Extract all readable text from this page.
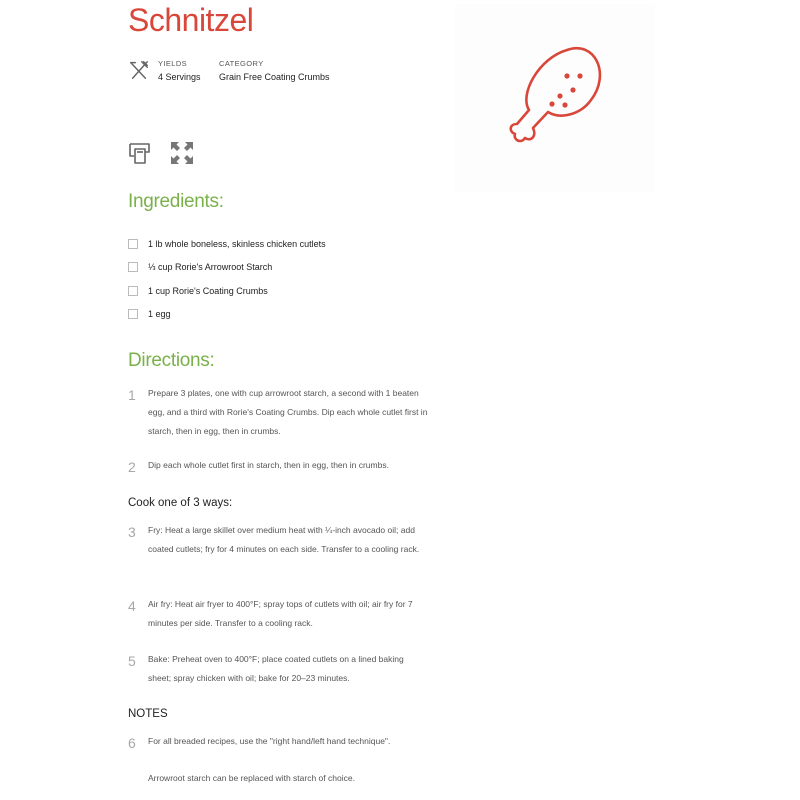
Schnitzel
YIELDS
4 Servings
CATEGORY
Grain Free Coating Crumbs
Ingredients:
1 lb whole boneless, skinless chicken cutlets
⅓ cup Rorie's Arrowroot Starch
1 cup Rorie's Coating Crumbs
1 egg
Directions:
1	Prepare 3 plates, one with cup arrowroot starch, a second with 1 beaten egg, and a third with Rorie's Coating Crumbs. Dip each whole cutlet first in starch, then in egg, then in crumbs.

2	Dip each whole cutlet first in starch, then in egg, then in crumbs.

Cook one of 3 ways:
3	Fry: Heat a large skillet over medium heat with ¼-inch avocado oil; add coated cutlets; fry for 4 minutes on each side. Transfer to a cooling rack.

4	Air fry: Heat air fryer to 400°F; spray tops of cutlets with oil; air fry for 7 minutes per side. Transfer to a cooling rack.

5	Bake: Preheat oven to 400°F; place coated cutlets on a lined baking sheet; spray chicken with oil; bake for 20–23 minutes.

NOTES
6	For all breaded recipes, use the "right hand/left hand technique".

Arrowroot starch can be replaced with starch of choice.
